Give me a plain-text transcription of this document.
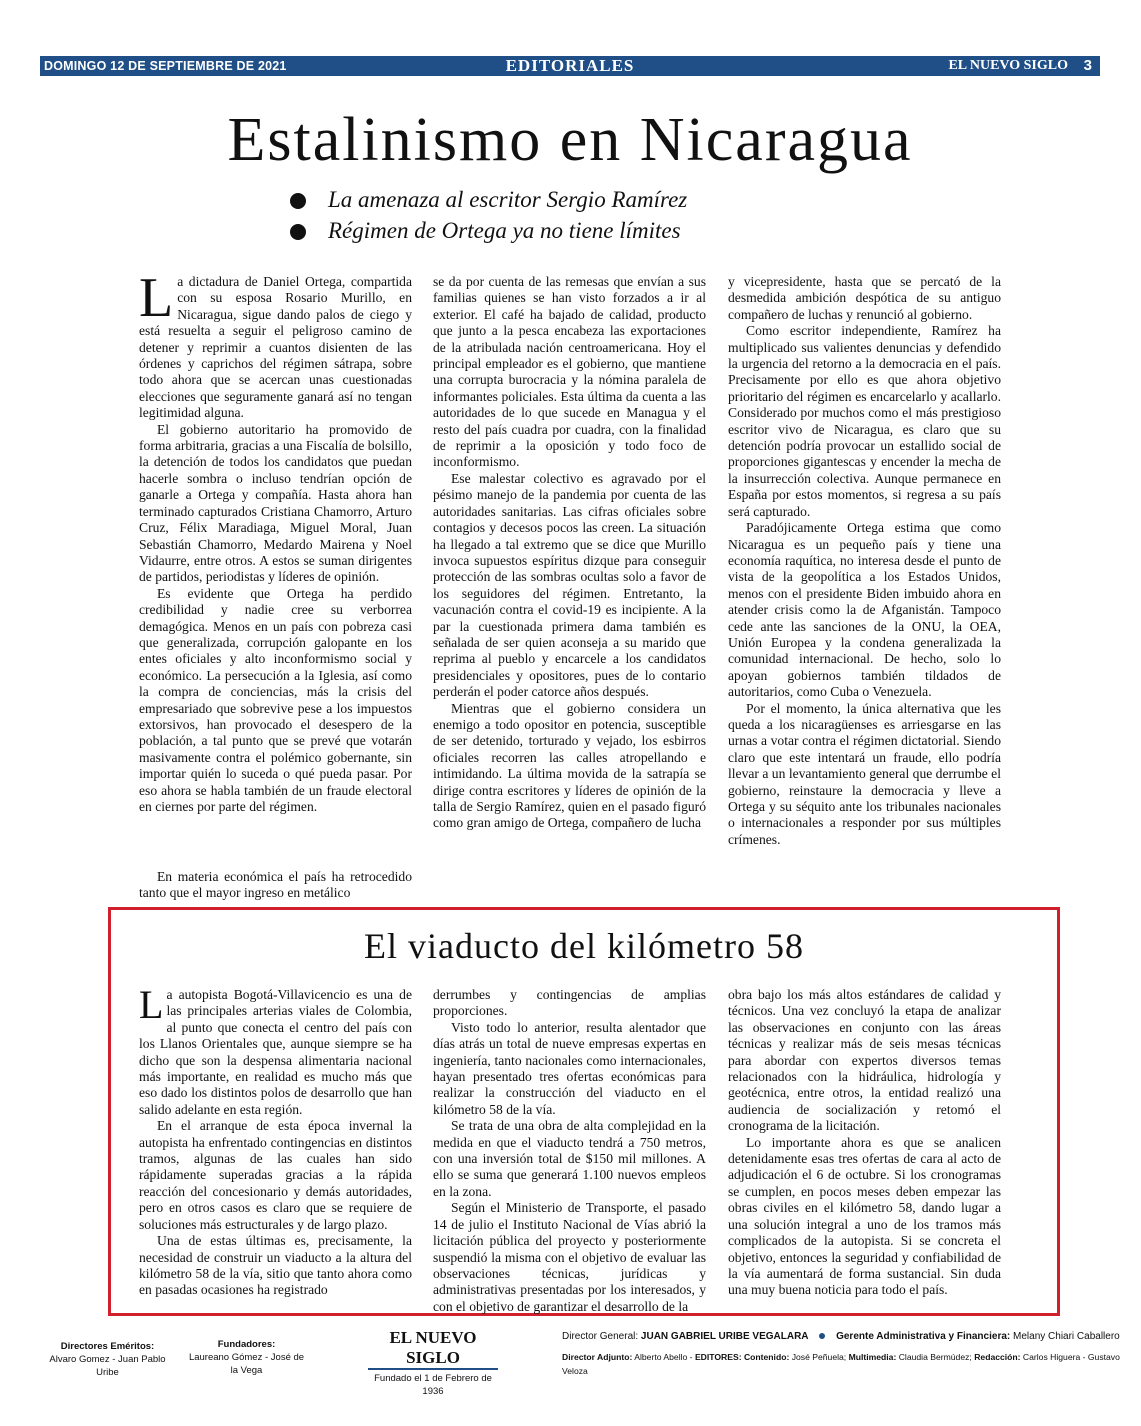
DOMINGO 12 DE SEPTIEMBRE DE 2021	EDITORIALES	EL NUEVO SIGLO 3
Estalinismo en Nicaragua
La amenaza al escritor Sergio Ramírez
Régimen de Ortega ya no tiene límites

La dictadura de Daniel Ortega, compartida con su esposa Rosario Murillo, en Nicaragua, sigue dando palos de ciego y está resuelta a seguir el peligroso camino de detener y reprimir a cuantos disienten de las órdenes y caprichos del régimen sátrapa, sobre todo ahora que se acercan unas cuestionadas elecciones que seguramente ganará así no tengan legitimidad alguna.

El gobierno autoritario ha promovido de forma arbitraria, gracias a una Fiscalía de bolsillo, la detención de todos los candidatos que puedan hacerle sombra o incluso tendrían opción de ganarle a Ortega y compañía. Hasta ahora han terminado capturados Cristiana Chamorro, Arturo Cruz, Félix Maradiaga, Miguel Moral, Juan Sebastián Chamorro, Medardo Mairena y Noel Vidaurre, entre otros. A estos se suman dirigentes de partidos, periodistas y líderes de opinión.

Es evidente que Ortega ha perdido credibilidad y nadie cree su verborrea demagógica. Menos en un país con pobreza casi que generalizada, corrupción galopante en los entes oficiales y alto inconformismo social y económico. La persecución a la Iglesia, así como la compra de conciencias, más la crisis del empresariado que sobrevive pese a los impuestos extorsivos, han provocado el desespero de la población, a tal punto que se prevé que votarán masivamente contra el polémico gobernante, sin importar quién lo suceda o qué pueda pasar. Por eso ahora se habla también de un fraude electoral en ciernes por parte del régimen.

En materia económica el país ha retrocedido tanto que el mayor ingreso en metálico

se da por cuenta de las remesas que envían a sus familias quienes se han visto forzados a ir al exterior. El café ha bajado de calidad, producto que junto a la pesca encabeza las exportaciones de la atribulada nación centroamericana. Hoy el principal empleador es el gobierno, que mantiene una corrupta burocracia y la nómina paralela de informantes policiales. Esta última da cuenta a las autoridades de lo que sucede en Managua y el resto del país cuadra por cuadra, con la finalidad de reprimir a la oposición y todo foco de inconformismo.

Ese malestar colectivo es agravado por el pésimo manejo de la pandemia por cuenta de las autoridades sanitarias. Las cifras oficiales sobre contagios y decesos pocos las creen. La situación ha llegado a tal extremo que se dice que Murillo invoca supuestos espíritus dizque para conseguir protección de las sombras ocultas solo a favor de los seguidores del régimen. Entretanto, la vacunación contra el covid-19 es incipiente. A la par la cuestionada primera dama también es señalada de ser quien aconseja a su marido que reprima al pueblo y encarcele a los candidatos presidenciales y opositores, pues de lo contario perderán el poder catorce años después.

Mientras que el gobierno considera un enemigo a todo opositor en potencia, susceptible de ser detenido, torturado y vejado, los esbirros oficiales recorren las calles atropellando e intimidando. La última movida de la satrapía se dirige contra escritores y líderes de opinión de la talla de Sergio Ramírez, quien en el pasado figuró como gran amigo de Ortega, compañero de lucha

y vicepresidente, hasta que se percató de la desmedida ambición despótica de su antiguo compañero de luchas y renunció al gobierno.

Como escritor independiente, Ramírez ha multiplicado sus valientes denuncias y defendido la urgencia del retorno a la democracia en el país. Precisamente por ello es que ahora objetivo prioritario del régimen es encarcelarlo y acallarlo. Considerado por muchos como el más prestigioso escritor vivo de Nicaragua, es claro que su detención podría provocar un estallido social de proporciones gigantescas y encender la mecha de la insurrección colectiva. Aunque permanece en España por estos momentos, si regresa a su país será capturado.

Paradójicamente Ortega estima que como Nicaragua es un pequeño país y tiene una economía raquítica, no interesa desde el punto de vista de la geopolítica a los Estados Unidos, menos con el presidente Biden imbuido ahora en atender crisis como la de Afganistán. Tampoco cede ante las sanciones de la ONU, la OEA, Unión Europea y la condena generalizada la comunidad internacional. De hecho, solo lo apoyan gobiernos también tildados de autoritarios, como Cuba o Venezuela.

Por el momento, la única alternativa que les queda a los nicaragüenses es arriesgarse en las urnas a votar contra el régimen dictatorial. Siendo claro que este intentará un fraude, ello podría llevar a un levantamiento general que derrumbe el gobierno, reinstaure la democracia y lleve a Ortega y su séquito ante los tribunales nacionales o internacionales a responder por sus múltiples crímenes.

El viaducto del kilómetro 58

La autopista Bogotá-Villavicencio es una de las principales arterias viales de Colombia, al punto que conecta el centro del país con los Llanos Orientales que, aunque siempre se ha dicho que son la despensa alimentaria nacional más importante, en realidad es mucho más que eso dado los distintos polos de desarrollo que han salido adelante en esta región.

En el arranque de esta época invernal la autopista ha enfrentado contingencias en distintos tramos, algunas de las cuales han sido rápidamente superadas gracias a la rápida reacción del concesionario y demás autoridades, pero en otros casos es claro que se requiere de soluciones más estructurales y de largo plazo.

Una de estas últimas es, precisamente, la necesidad de construir un viaducto a la altura del kilómetro 58 de la vía, sitio que tanto ahora como en pasadas ocasiones ha registrado

derrumbes y contingencias de amplias proporciones.

Visto todo lo anterior, resulta alentador que días atrás un total de nueve empresas expertas en ingeniería, tanto nacionales como internacionales, hayan presentado tres ofertas económicas para realizar la construcción del viaducto en el kilómetro 58 de la vía.

Se trata de una obra de alta complejidad en la medida en que el viaducto tendrá a 750 metros, con una inversión total de $150 mil millones. A ello se suma que generará 1.100 nuevos empleos en la zona.

Según el Ministerio de Transporte, el pasado 14 de julio el Instituto Nacional de Vías abrió la licitación pública del proyecto y posteriormente suspendió la misma con el objetivo de evaluar las observaciones técnicas, jurídicas y administrativas presentadas por los interesados, y con el objetivo de garantizar el desarrollo de la

obra bajo los más altos estándares de calidad y técnicos. Una vez concluyó la etapa de analizar las observaciones en conjunto con las áreas técnicas y realizar más de seis mesas técnicas para abordar con expertos diversos temas relacionados con la hidráulica, hidrología y geotécnica, entre otros, la entidad realizó una audiencia de socialización y retomó el cronograma de la licitación.

Lo importante ahora es que se analicen detenidamente esas tres ofertas de cara al acto de adjudicación el 6 de octubre. Si los cronogramas se cumplen, en pocos meses deben empezar las obras civiles en el kilómetro 58, dando lugar a una solución integral a uno de los tramos más complicados de la autopista. Si se concreta el objetivo, entonces la seguridad y confiabilidad de la vía aumentará de forma sustancial. Sin duda una muy buena noticia para todo el país.

Directores Eméritos:
Alvaro Gomez - Juan Pablo Uribe
Fundadores:
Laureano Gómez - José de la Vega
EL NUEVO SIGLO
Fundado el 1 de Febrero de 1936
Director General: JUAN GABRIEL URIBE VEGALARA	Gerente Administrativa y Financiera: Melany Chiari Caballero
Director Adjunto: Alberto Abello - EDITORES: Contenido: José Peñuela; Multimedia: Claudia Bermúdez; Redacción: Carlos Higuera - Gustavo Veloza
